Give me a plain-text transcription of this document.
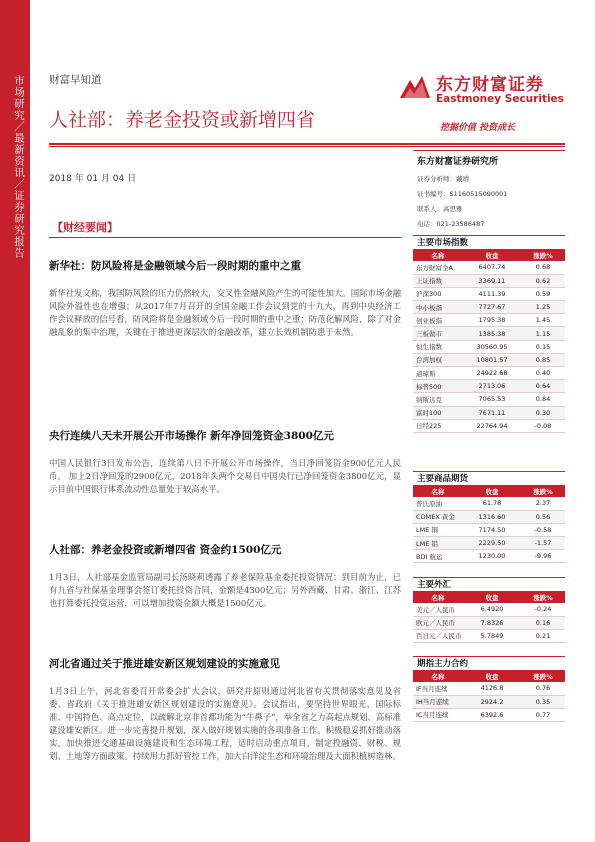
市场研究／最新资讯／证券研究报告 财富早知道	东方财富证券
Eastmoney Securities
人社部：养老金投资或新增四省	挖掘价值 投资成长
2018 年 01 月 04 日
【财经要闻】
新华社：防风险将是金融领域今后一段时期的重中之重
新华社发文称，我国防风险的压力仍然较大，交叉性金融风险产生的可能性加大。国际市场金融风险外溢性也在增强；从2017年7月召开的全国金融工作会议到党的十九大，再到中央经济工作会议释放的信号看，防风险将是金融领域今后一段时期的重中之重；防范化解风险，除了对金融乱象的集中治理，关键在于推进更深层次的金融改革，建立长效机制防患于未然。
央行连续八天未开展公开市场操作 新年净回笼资金3800亿元
中国人民银行3日发布公告，连续第八日不开展公开市场操作，当日净回笼资金900亿元人民币。 加上2日净回笼的2900亿元，2018年头两个交易日中国央行已净回笼资金3800亿元，显示目前中国银行体系流动性总量处于较高水平。
人社部：养老金投资或新增四省 资金约1500亿元
1月3日，人社部基金监管局副司长汤晓莉透露了养老保险基金委托投资情况：到目前为止，已有九省与社保基金理事会签订委托投资合同，金额是4300亿元；另外西藏、甘肃、浙江、江苏也打算委托投资运营，可以增加投资金额大概是1500亿元。
河北省通过关于推进雄安新区规划建设的实施意见
1月3日上午，河北省委召开常委会扩大会议，研究并原则通过河北省有关贯彻落实意见及省委、省政府《关于推进雄安新区规划建设的实施意见》。会议指出，要坚持世界眼光、国际标准、中国特色、高点定位，以疏解北京非首都功能为“牛鼻子”，举全省之力高起点规划、高标准建设雄安新区。进一步完善提升规划，深入做好规划实施的各项准备工作。积极稳妥抓好推动落实，加快推进交通基础设施建设和生态环境工程，适时启动重点项目，制定投融资、财税、规划、土地等方面政策。持续用力抓好管控工作，加大白洋淀生态和环境治理及大面积植树造林。
东方财富证券研究所
证券分析师：戴靖
证书编号：S1160515090001
联系人：高思雅
电话：021-23586487
主要市场指数
名称	收盘	涨跌%
东方财富全A	6407.74	0.68
上证指数	3369.11	0.62
沪深300	4111.39	0.59
中小板指	7727.67	1.25
创业板指	1795.38	1.45
三板做市	1385.38	1.15
恒生指数	30560.95	0.15
台湾加权	10801.57	0.85
道琼斯	24922.68	0.40
标普500	2713.06	0.64
纳斯达克	7065.53	0.84
富时100	7671.11	0.30
日经225	22764.94	-0.08
主要商品期货
名称	收盘	涨跌%
普氏原油	61.78	2.37
COMEX 黄金	1316.60	0.56
LME 铜	7174.50	-0.58
LME 铝	2229.50	-1.57
BDI 航运	1230.00	-9.96
主要外汇
名称	收盘	涨跌%
美元／人民币	6.4920	-0.24
欧元／人民币	7.8326	0.16
百日元／人民币	5.7849	0.21
期指主力合约
名称	收盘	涨跌%
IF当月连续	4126.8	0.76
IH当月连续	2924.2	0.35
IC当月连续	6392.6	0.77
